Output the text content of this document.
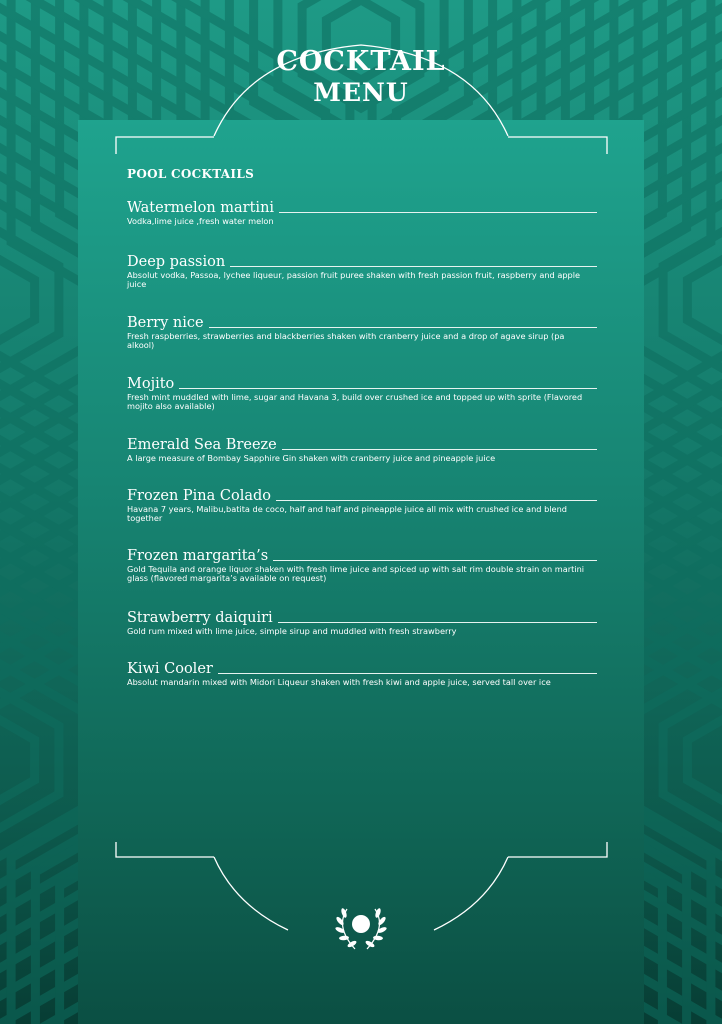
COCKTAIL
MENU
POOL COCKTAILS
Watermelon martini
Vodka,lime juice ,fresh water melon
Deep passion
Absolut vodka, Passoa, lychee liqueur, passion fruit puree shaken with fresh passion fruit, raspberry and apple juice
Berry nice
Fresh raspberries, strawberries and blackberries shaken with cranberry juice and a drop of agave sirup (pa alkool)
Mojito
Fresh mint muddled with lime, sugar and Havana 3, build over crushed ice and topped up with sprite (Flavored mojito also available)
Emerald Sea Breeze
A large measure of Bombay Sapphire Gin shaken with cranberry juice and pineapple juice
Frozen Pina Colado
Havana 7 years, Malibu,batita de coco, half and half and pineapple juice all mix with crushed ice and blend together
Frozen margarita’s
Gold Tequila and orange liquor shaken with fresh lime juice and spiced up with salt rim double strain on martini glass (flavored margarita’s available on request)
Strawberry daiquiri
Gold rum mixed with lime juice, simple sirup and muddled with fresh strawberry
Kiwi Cooler
Absolut mandarin mixed with Midori Liqueur shaken with fresh kiwi and apple juice, served tall over ice
